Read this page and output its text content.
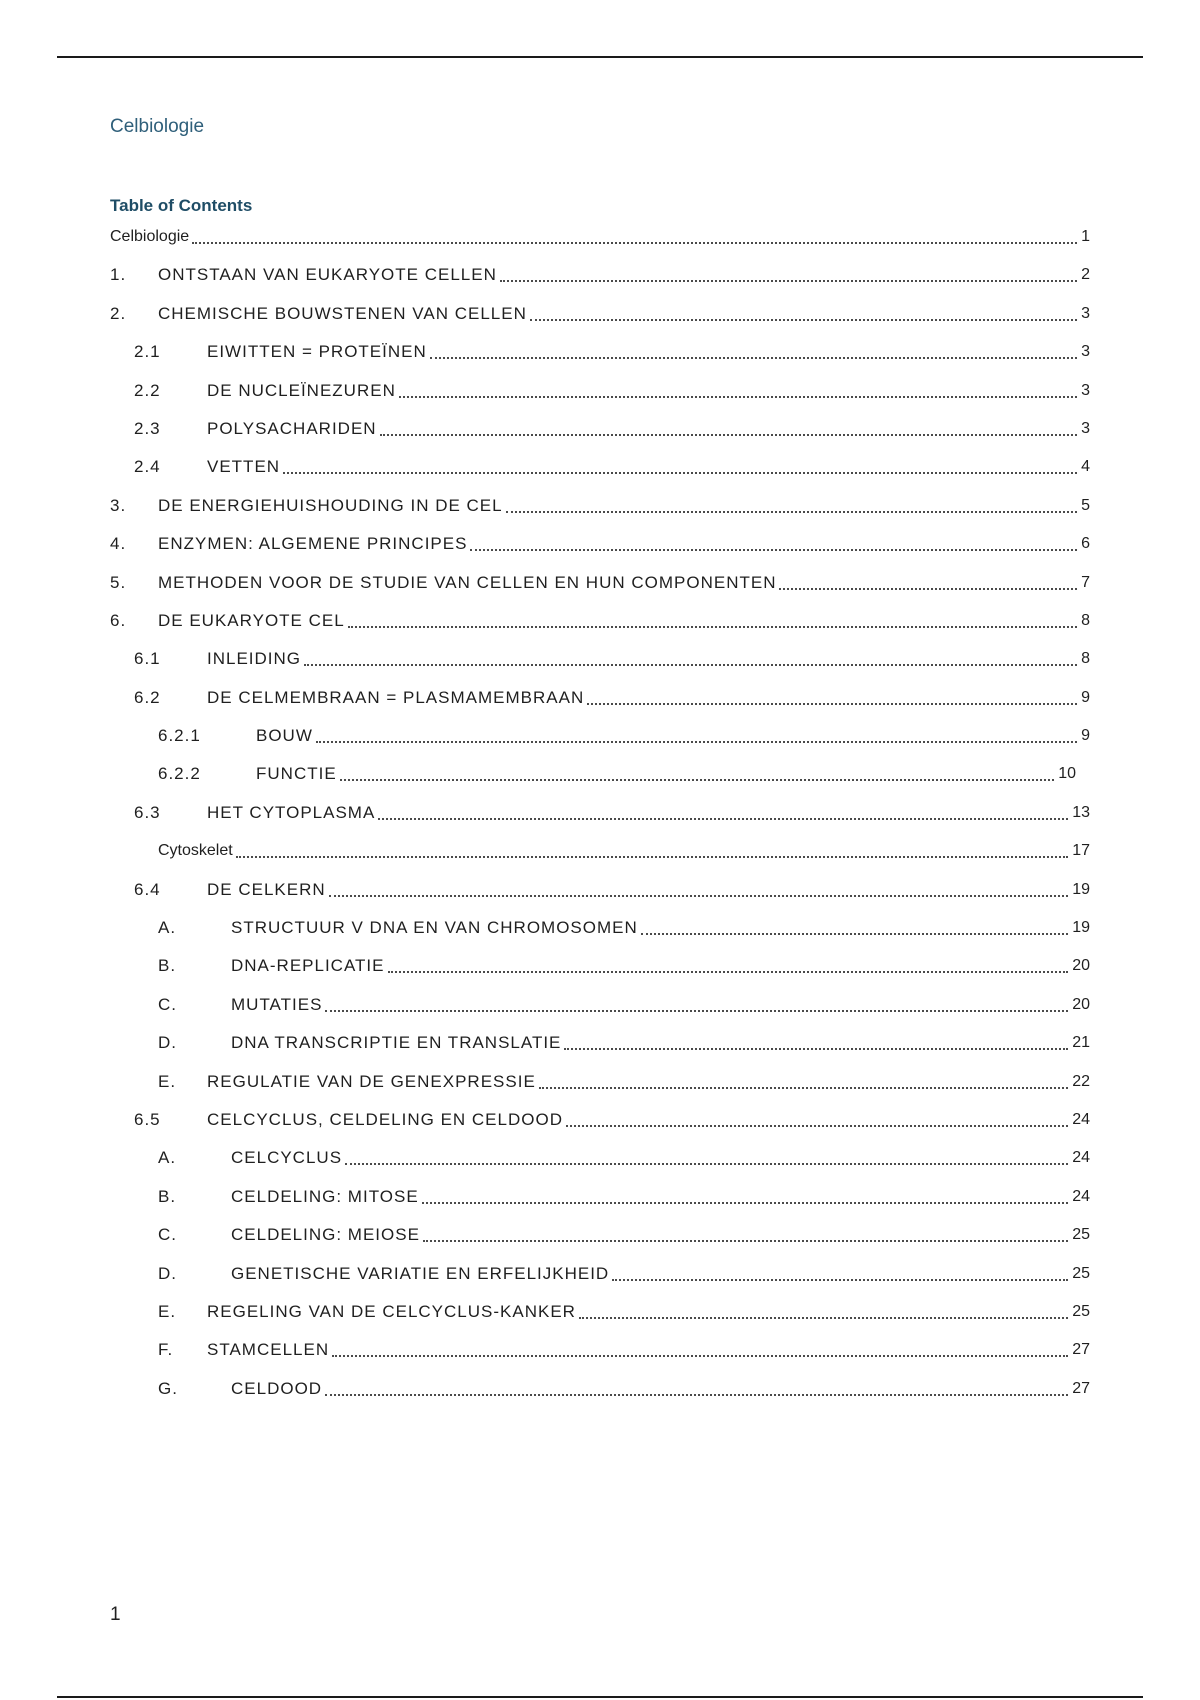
Celbiologie
Table of Contents
Celbiologie	1
1.	ONTSTAAN VAN EUKARYOTE CELLEN	2
2.	CHEMISCHE BOUWSTENEN VAN CELLEN	3
2.1	EIWITTEN = PROTEÏNEN	3
2.2	DE NUCLEÏNEZUREN	3
2.3	POLYSACHARIDEN	3
2.4	VETTEN	4
3.	DE ENERGIEHUISHOUDING IN DE CEL	5
4.	ENZYMEN: ALGEMENE PRINCIPES	6
5.	METHODEN VOOR DE STUDIE VAN CELLEN EN HUN COMPONENTEN	7
6.	DE EUKARYOTE CEL	8
6.1	INLEIDING	8
6.2	DE CELMEMBRAAN = PLASMAMEMBRAAN	9
6.2.1	BOUW	9
6.2.2	FUNCTIE	10
6.3	HET CYTOPLASMA	13
Cytoskelet	17
6.4	DE CELKERN	19
A.	STRUCTUUR V DNA EN VAN CHROMOSOMEN	19
B.	DNA-REPLICATIE	20
C.	MUTATIES	20
D.	DNA TRANSCRIPTIE EN TRANSLATIE	21
E.	REGULATIE VAN DE GENEXPRESSIE	22
6.5	CELCYCLUS, CELDELING EN CELDOOD	24
A.	CELCYCLUS	24
B.	CELDELING: MITOSE	24
C.	CELDELING: MEIOSE	25
D.	GENETISCHE VARIATIE EN ERFELIJKHEID	25
E.	REGELING VAN DE CELCYCLUS-KANKER	25
F.	STAMCELLEN	27
G.	CELDOOD	27
1
